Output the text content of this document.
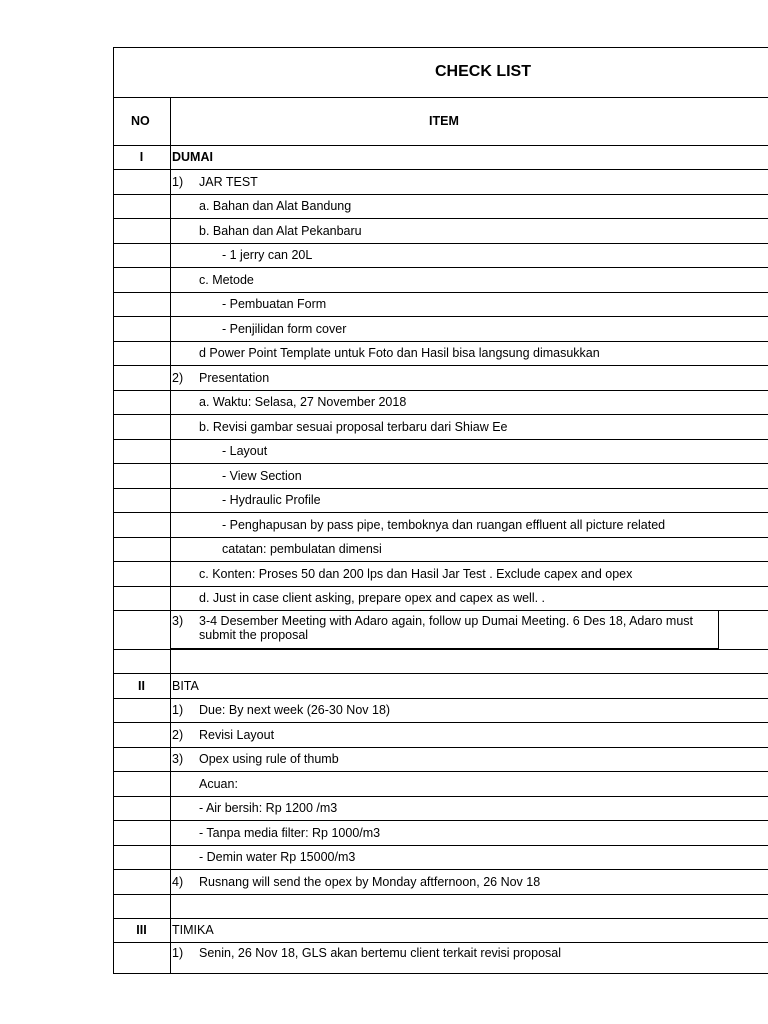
CHECK LIST
NO	ITEM
I	DUMAI
1) JAR TEST
a. Bahan dan Alat Bandung
b. Bahan dan Alat Pekanbaru
- 1 jerry can 20L
c. Metode
- Pembuatan Form
- Penjilidan form cover
d Power Point Template untuk Foto dan Hasil bisa langsung dimasukkan
2) Presentation
a. Waktu: Selasa, 27 November 2018
b. Revisi gambar sesuai proposal terbaru dari Shiaw Ee
- Layout
- View Section
- Hydraulic Profile
- Penghapusan by pass pipe, temboknya dan ruangan effluent all picture related
catatan: pembulatan dimensi
c. Konten: Proses 50 dan 200 lps dan Hasil Jar Test . Exclude capex and opex
d. Just in case client asking, prepare opex and capex as well. .
3) 3-4 Desember Meeting with Adaro again, follow up Dumai Meeting. 6 Des 18, Adaro must submit the proposal
II	BITA
1) Due: By next week (26-30 Nov 18)
2) Revisi Layout
3) Opex using rule of thumb
Acuan:
- Air bersih: Rp 1200 /m3
- Tanpa media filter: Rp 1000/m3
- Demin water Rp 15000/m3
4) Rusnang will send the opex by Monday aftfernoon, 26 Nov 18
III	TIMIKA
1) Senin, 26 Nov 18, GLS akan bertemu client terkait revisi proposal
